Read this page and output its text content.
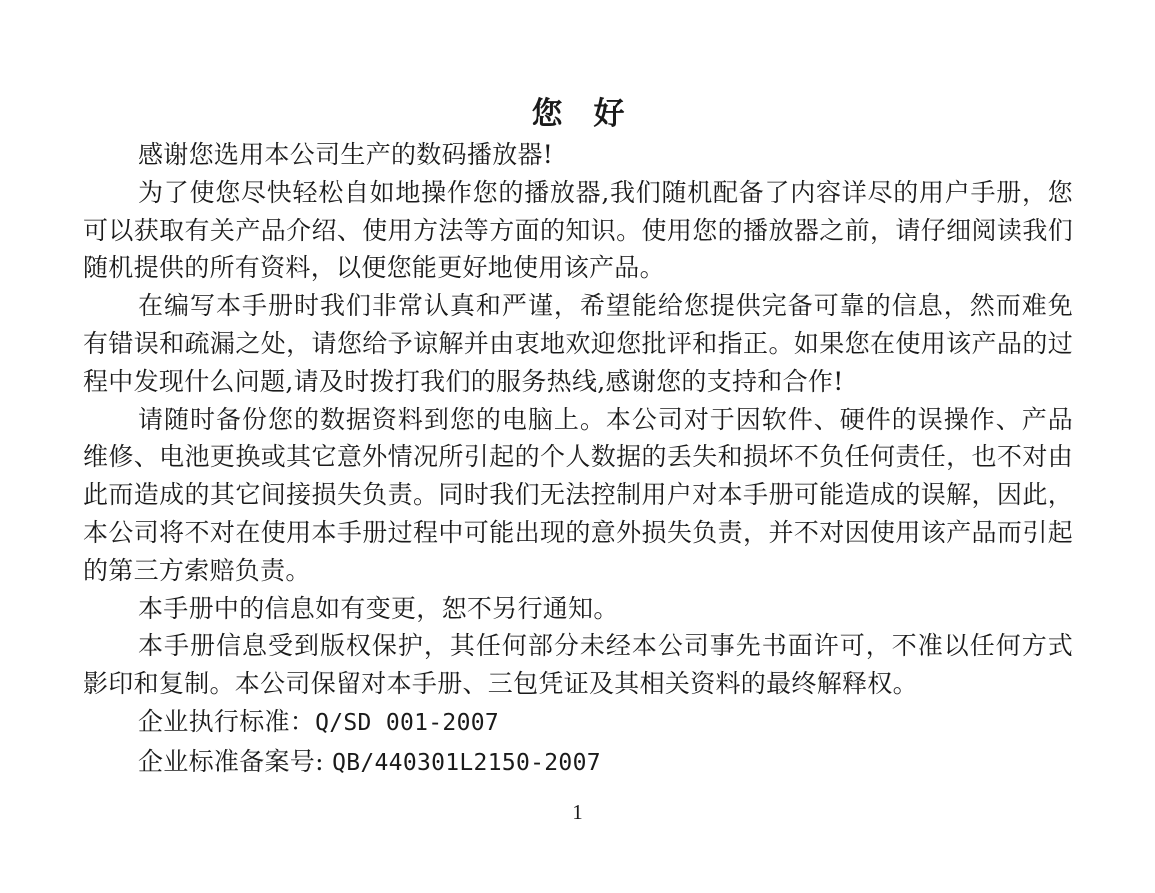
您　好

感谢您选用本公司生产的数码播放器!

为了使您尽快轻松自如地操作您的播放器,我们随机配备了内容详尽的用户手册，您可以获取有关产品介绍、使用方法等方面的知识。使用您的播放器之前，请仔细阅读我们随机提供的所有资料，以便您能更好地使用该产品。

在编写本手册时我们非常认真和严谨，希望能给您提供完备可靠的信息，然而难免有错误和疏漏之处，请您给予谅解并由衷地欢迎您批评和指正。如果您在使用该产品的过程中发现什么问题,请及时拨打我们的服务热线,感谢您的支持和合作!

请随时备份您的数据资料到您的电脑上。本公司对于因软件、硬件的误操作、产品维修、电池更换或其它意外情况所引起的个人数据的丢失和损坏不负任何责任，也不对由此而造成的其它间接损失负责。同时我们无法控制用户对本手册可能造成的误解，因此，本公司将不对在使用本手册过程中可能出现的意外损失负责，并不对因使用该产品而引起的第三方索赔负责。

本手册中的信息如有变更，恕不另行通知。

本手册信息受到版权保护，其任何部分未经本公司事先书面许可，不准以任何方式影印和复制。本公司保留对本手册、三包凭证及其相关资料的最终解释权。

企业执行标准：Q/SD 001-2007

企业标准备案号: QB/440301L2150-2007

1
